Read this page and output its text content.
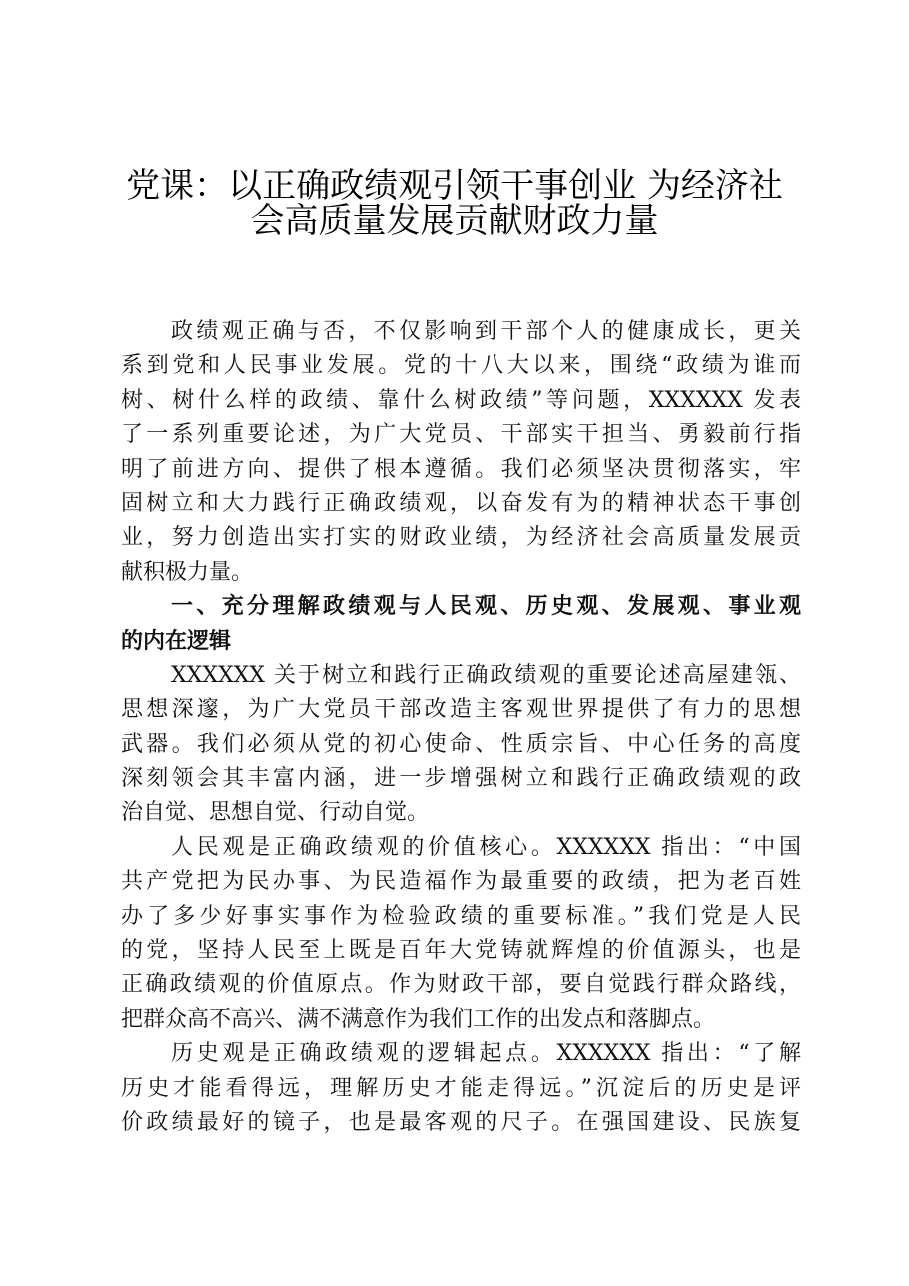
党课：以正确政绩观引领干事创业 为经济社
会高质量发展贡献财政力量
政绩观正确与否，不仅影响到干部个人的健康成长，更关
系到党和人民事业发展。党的十八大以来，围绕“政绩为谁而
树、树什么样的政绩、靠什么树政绩”等问题，XXXXXX 发表
了一系列重要论述，为广大党员、干部实干担当、勇毅前行指
明了前进方向、提供了根本遵循。我们必须坚决贯彻落实，牢
固树立和大力践行正确政绩观，以奋发有为的精神状态干事创
业，努力创造出实打实的财政业绩，为经济社会高质量发展贡
献积极力量。
一、充分理解政绩观与人民观、历史观、发展观、事业观
的内在逻辑
XXXXXX 关于树立和践行正确政绩观的重要论述高屋建瓴、
思想深邃，为广大党员干部改造主客观世界提供了有力的思想
武器。我们必须从党的初心使命、性质宗旨、中心任务的高度
深刻领会其丰富内涵，进一步增强树立和践行正确政绩观的政
治自觉、思想自觉、行动自觉。
人民观是正确政绩观的价值核心。XXXXXX 指出：“中国
共产党把为民办事、为民造福作为最重要的政绩，把为老百姓
办了多少好事实事作为检验政绩的重要标准。”我们党是人民
的党，坚持人民至上既是百年大党铸就辉煌的价值源头，也是
正确政绩观的价值原点。作为财政干部，要自觉践行群众路线，
把群众高不高兴、满不满意作为我们工作的出发点和落脚点。
历史观是正确政绩观的逻辑起点。XXXXXX 指出：“了解
历史才能看得远，理解历史才能走得远。”沉淀后的历史是评
价政绩最好的镜子，也是最客观的尺子。在强国建设、民族复
